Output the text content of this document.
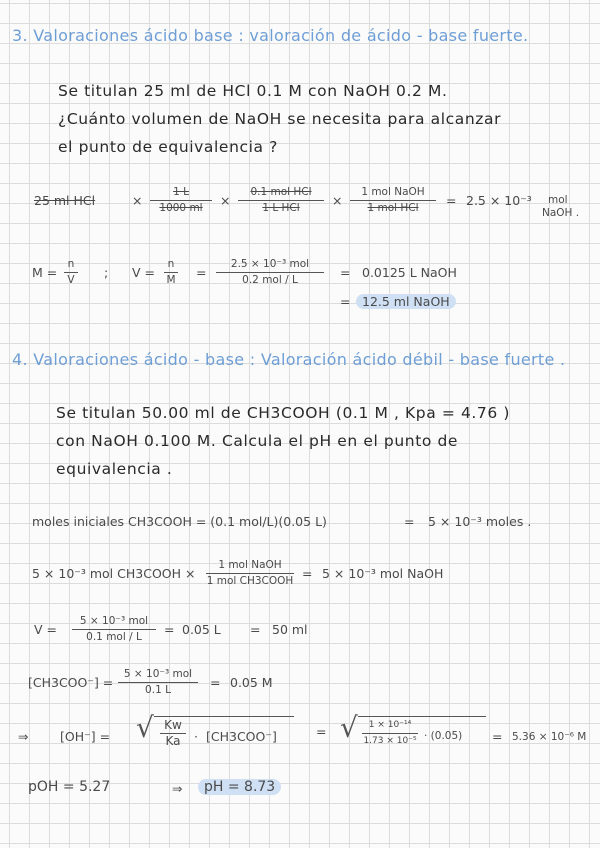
3. Valoraciones ácido base : valoración de ácido - base fuerte.
Se titulan 25 ml de HCl 0.1 M con NaOH 0.2 M.
¿Cuánto volumen de NaOH se necesita para alcanzar
el punto de equivalencia ?
25 ml HCl	×
1 L
1000 ml ×
0.1 mol HCl
1 L HCl	×
1 mol NaOH
1 mol HCl = 2.5 × 10⁻³ mol
NaOH .
M =
n
V ; V =
n
M =
2.5 × 10⁻³ mol
0.2 mol / L	= 0.0125 L NaOH
= 12.5 ml NaOH
4. Valoraciones ácido - base : Valoración ácido débil - base fuerte .
Se titulan 50.00 ml de CH3COOH (0.1 M , Kpa = 4.76 )
con NaOH 0.100 M. Calcula el pH en el punto de
equivalencia .
moles iniciales CH3COOH = (0.1 mol/L)(0.05 L)	= 5 × 10⁻³ moles .
5 × 10⁻³ mol CH3COOH ×
1 mol NaOH
1 mol CH3COOH = 5 × 10⁻³ mol NaOH
V =
5 × 10⁻³ mol
0.1 mol / L = 0.05 L = 50 ml
[CH3COO⁻] =
5 × 10⁻³ mol
0.1 L	= 0.05 M
⇒	[OH⁻] = √ Kw
Ka · [CH3COO⁻]	= √ 1 × 10⁻¹⁴
1.73 × 10⁻⁵ · (0.05) = 5.36 × 10⁻⁶ M
pOH = 5.27	⇒	pH = 8.73
